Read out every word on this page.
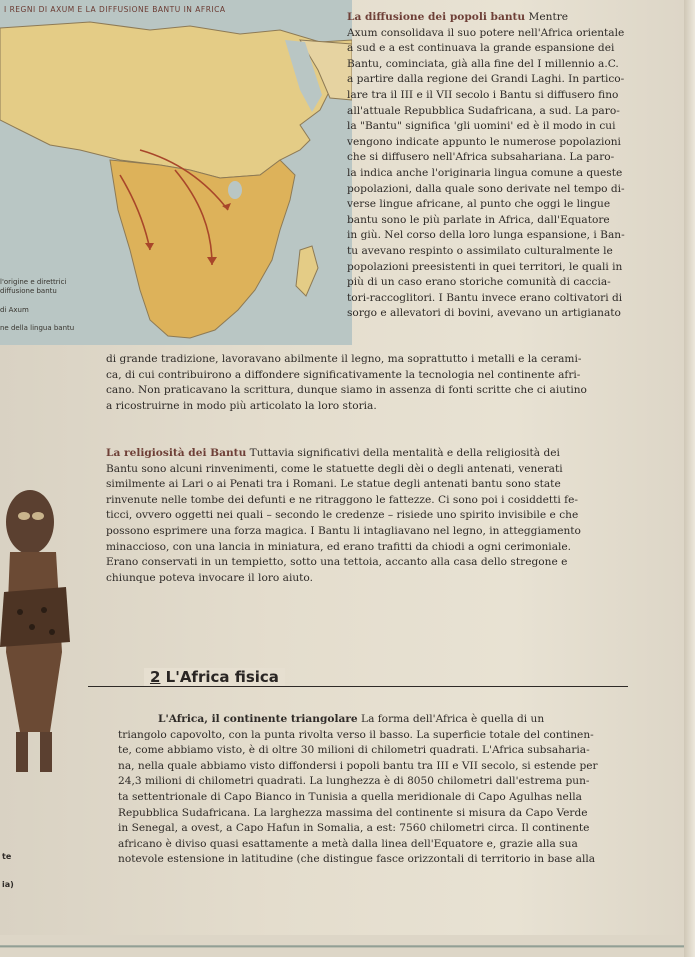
I REGNI DI AXUM E LA DIFFUSIONE BANTU IN AFRICA
l'origine e direttrici
diffusione bantu
di Axum
ne della lingua bantu
La diffusione dei popoli bantu Mentre
Axum consolidava il suo potere nell'Africa orientale
a sud e a est continuava la grande espansione dei
Bantu, cominciata, già alla fine del I millennio a.C.
a partire dalla regione dei Grandi Laghi. In partico-
lare tra il III e il VII secolo i Bantu si diffusero fino
all'attuale Repubblica Sudafricana, a sud. La paro-
la "Bantu" significa 'gli uomini' ed è il modo in cui
vengono indicate appunto le numerose popolazioni
che si diffusero nell'Africa subsahariana. La paro-
la indica anche l'originaria lingua comune a queste
popolazioni, dalla quale sono derivate nel tempo di-
verse lingue africane, al punto che oggi le lingue
bantu sono le più parlate in Africa, dall'Equatore
in giù. Nel corso della loro lunga espansione, i Ban-
tu avevano respinto o assimilato culturalmente le
popolazioni preesistenti in quei territori, le quali in
più di un caso erano storiche comunità di caccia-
tori-raccoglitori. I Bantu invece erano coltivatori di
sorgo e allevatori di bovini, avevano un artigianato
di grande tradizione, lavoravano abilmente il legno, ma soprattutto i metalli e la cerami-
ca, di cui contribuirono a diffondere significativamente la tecnologia nel continente afri-
cano. Non praticavano la scrittura, dunque siamo in assenza di fonti scritte che ci aiutino
a ricostruirne in modo più articolato la loro storia.
La religiosità dei Bantu Tuttavia significativi della mentalità e della religiosità dei
Bantu sono alcuni rinvenimenti, come le statuette degli dèi o degli antenati, venerati
similmente ai Lari o ai Penati tra i Romani. Le statue degli antenati bantu sono state
rinvenute nelle tombe dei defunti e ne ritraggono le fattezze. Ci sono poi i cosiddetti fe-
ticci, ovvero oggetti nei quali – secondo le credenze – risiede uno spirito invisibile e che
possono esprimere una forza magica. I Bantu li intagliavano nel legno, in atteggiamento
minaccioso, con una lancia in miniatura, ed erano trafitti da chiodi a ogni cerimoniale.
Erano conservati in un tempietto, sotto una tettoia, accanto alla casa dello stregone e
chiunque poteva invocare il loro aiuto.
2 L'Africa fisica
L'Africa, il continente triangolare La forma dell'Africa è quella di un
triangolo capovolto, con la punta rivolta verso il basso. La superficie totale del continen-
te, come abbiamo visto, è di oltre 30 milioni di chilometri quadrati. L'Africa subsaharia-
na, nella quale abbiamo visto diffondersi i popoli bantu tra III e VII secolo, si estende per
24,3 milioni di chilometri quadrati. La lunghezza è di 8050 chilometri dall'estrema pun-
ta settentrionale di Capo Bianco in Tunisia a quella meridionale di Capo Agulhas nella
Repubblica Sudafricana. La larghezza massima del continente si misura da Capo Verde
in Senegal, a ovest, a Capo Hafun in Somalia, a est: 7560 chilometri circa. Il continente
africano è diviso quasi esattamente a metà dalla linea dell'Equatore e, grazie alla sua
notevole estensione in latitudine (che distingue fasce orizzontali di territorio in base alla
te
ia)
